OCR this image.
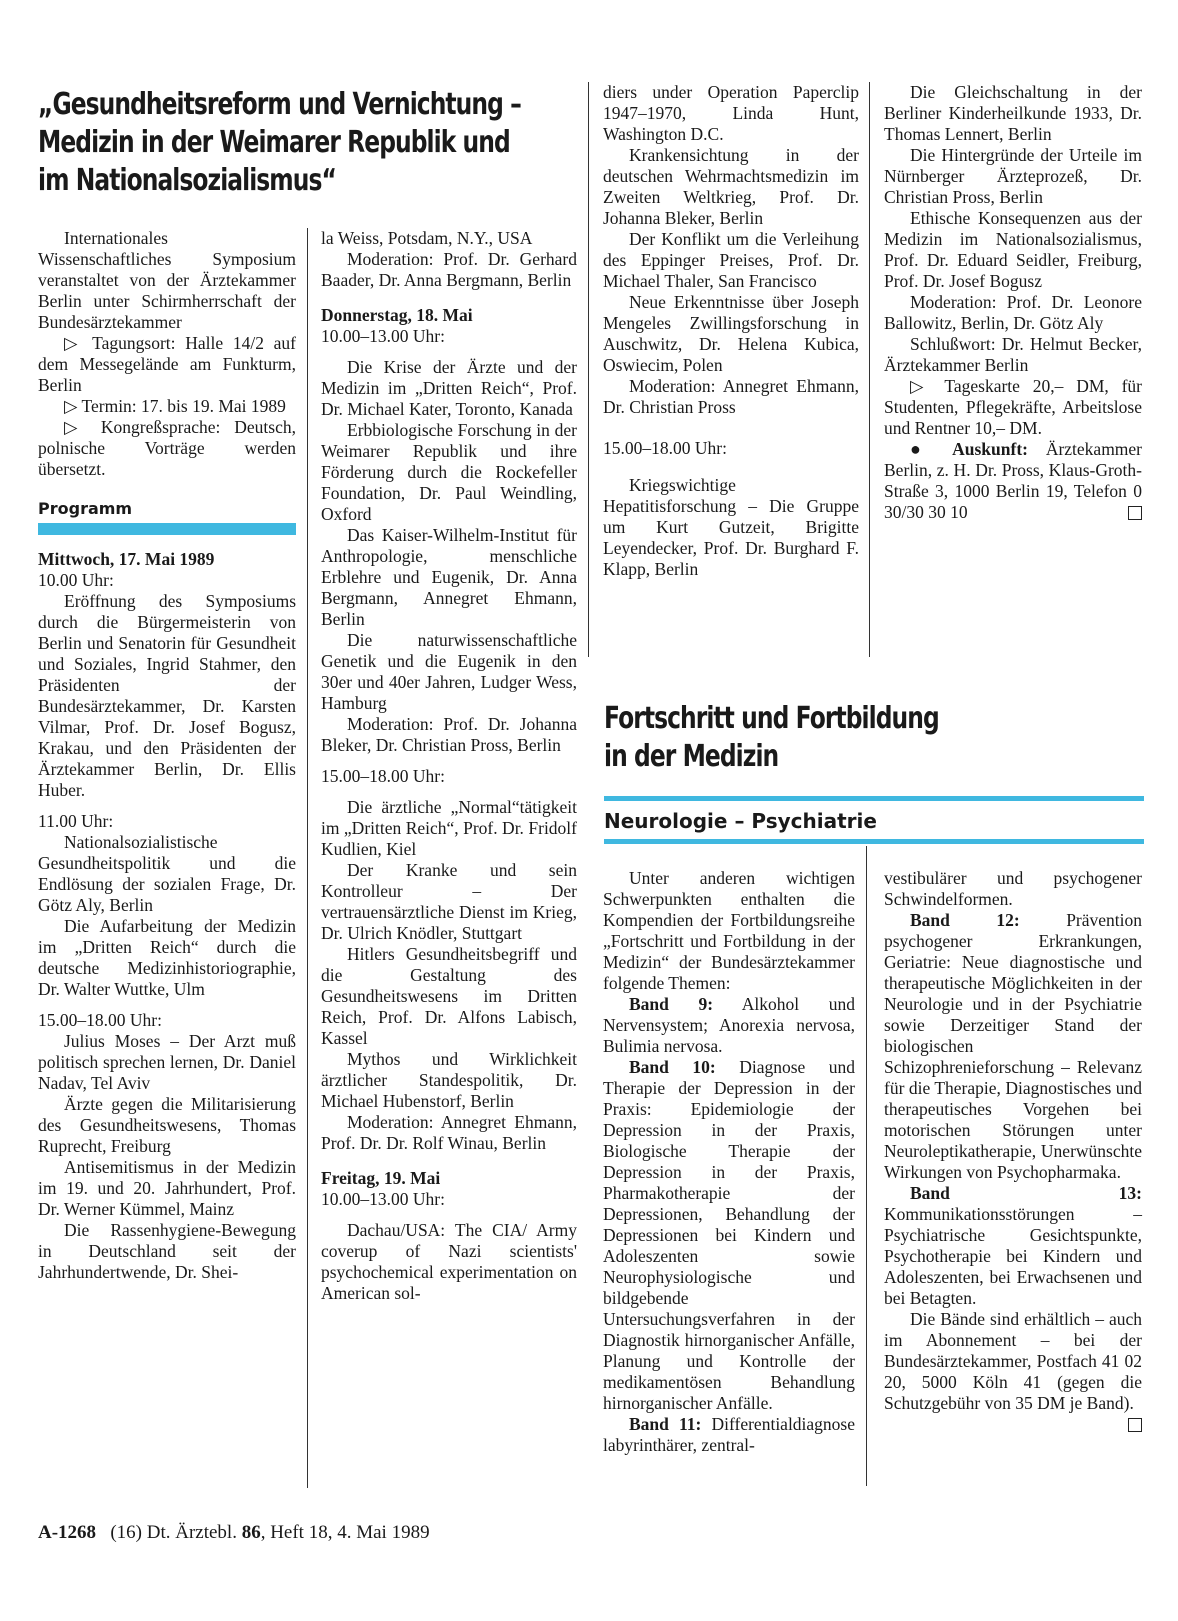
„Gesundheitsreform und Vernichtung –
Medizin in der Weimarer Republik und
im Nationalsozialismus“

Internationales Wissenschaftliches Symposium veranstaltet von der Ärztekammer Berlin unter Schirmherrschaft der Bundesärztekammer

▷ Tagungsort: Halle 14/2 auf dem Messegelände am Funkturm, Berlin

▷ Termin: 17. bis 19. Mai 1989

▷ Kongreßsprache: Deutsch, polnische Vorträge werden übersetzt.

Programm
Mittwoch, 17. Mai 1989

10.00 Uhr:

Eröffnung des Symposiums durch die Bürgermeisterin von Berlin und Senatorin für Gesundheit und Soziales, Ingrid Stahmer, den Präsidenten der Bundesärztekammer, Dr. Karsten Vilmar, Prof. Dr. Josef Bogusz, Krakau, und den Präsidenten der Ärztekammer Berlin, Dr. Ellis Huber.

11.00 Uhr:

Nationalsozialistische Gesundheitspolitik und die Endlösung der sozialen Frage, Dr. Götz Aly, Berlin

Die Aufarbeitung der Medizin im „Dritten Reich“ durch die deutsche Medizinhistoriographie, Dr. Walter Wuttke, Ulm

15.00–18.00 Uhr:

Julius Moses – Der Arzt muß politisch sprechen lernen, Dr. Daniel Nadav, Tel Aviv

Ärzte gegen die Militarisierung des Gesundheitswesens, Thomas Ruprecht, Freiburg

Antisemitismus in der Medizin im 19. und 20. Jahrhundert, Prof. Dr. Werner Kümmel, Mainz

Die Rassenhygiene-Bewegung in Deutschland seit der Jahrhundertwende, Dr. Shei-

la Weiss, Potsdam, N.Y., USA

Moderation: Prof. Dr. Gerhard Baader, Dr. Anna Bergmann, Berlin

Donnerstag, 18. Mai

10.00–13.00 Uhr:

Die Krise der Ärzte und der Medizin im „Dritten Reich“, Prof. Dr. Michael Kater, Toronto, Kanada

Erbbiologische Forschung in der Weimarer Republik und ihre Förderung durch die Rockefeller Foundation, Dr. Paul Weindling, Oxford

Das Kaiser-Wilhelm-Institut für Anthropologie, menschliche Erblehre und Eugenik, Dr. Anna Bergmann, Annegret Ehmann, Berlin

Die naturwissenschaftliche Genetik und die Eugenik in den 30er und 40er Jahren, Ludger Wess, Hamburg

Moderation: Prof. Dr. Johanna Bleker, Dr. Christian Pross, Berlin

15.00–18.00 Uhr:

Die ärztliche „Normal“tätigkeit im „Dritten Reich“, Prof. Dr. Fridolf Kudlien, Kiel

Der Kranke und sein Kontrolleur – Der vertrauensärztliche Dienst im Krieg, Dr. Ulrich Knödler, Stuttgart

Hitlers Gesundheitsbegriff und die Gestaltung des Gesundheitswesens im Dritten Reich, Prof. Dr. Alfons Labisch, Kassel

Mythos und Wirklichkeit ärztlicher Standespolitik, Dr. Michael Hubenstorf, Berlin

Moderation: Annegret Ehmann, Prof. Dr. Dr. Rolf Winau, Berlin

Freitag, 19. Mai

10.00–13.00 Uhr:

Dachau/USA: The CIA/ Army coverup of Nazi scientists' psychochemical experimentation on American sol-

diers under Operation Paperclip 1947–1970, Linda Hunt, Washington D.C.

Krankensichtung in der deutschen Wehrmachtsmedizin im Zweiten Weltkrieg, Prof. Dr. Johanna Bleker, Berlin

Der Konflikt um die Verleihung des Eppinger Preises, Prof. Dr. Michael Thaler, San Francisco

Neue Erkenntnisse über Joseph Mengeles Zwillingsforschung in Auschwitz, Dr. Helena Kubica, Oswiecim, Polen

Moderation: Annegret Ehmann, Dr. Christian Pross

15.00–18.00 Uhr:

Kriegswichtige Hepatitisforschung – Die Gruppe um Kurt Gutzeit, Brigitte Leyendecker, Prof. Dr. Burghard F. Klapp, Berlin

Die Gleichschaltung in der Berliner Kinderheilkunde 1933, Dr. Thomas Lennert, Berlin

Die Hintergründe der Urteile im Nürnberger Ärzteprozeß, Dr. Christian Pross, Berlin

Ethische Konsequenzen aus der Medizin im Nationalsozialismus, Prof. Dr. Eduard Seidler, Freiburg, Prof. Dr. Josef Bogusz

Moderation: Prof. Dr. Leonore Ballowitz, Berlin, Dr. Götz Aly

Schlußwort: Dr. Helmut Becker, Ärztekammer Berlin

▷ Tageskarte 20,– DM, für Studenten, Pflegekräfte, Arbeitslose und Rentner 10,– DM.

● Auskunft: Ärztekammer Berlin, z. H. Dr. Pross, Klaus-Groth-Straße 3, 1000 Berlin 19, Telefon 0 30/30 30 10

Fortschritt und Fortbildung
in der Medizin
Neurologie – Psychiatrie

Unter anderen wichtigen Schwerpunkten enthalten die Kompendien der Fortbildungsreihe „Fortschritt und Fortbildung in der Medizin“ der Bundesärztekammer folgende Themen:

Band 9: Alkohol und Nervensystem; Anorexia nervosa, Bulimia nervosa.

Band 10: Diagnose und Therapie der Depression in der Praxis: Epidemiologie der Depression in der Praxis, Biologische Therapie der Depression in der Praxis, Pharmakotherapie der Depressionen, Behandlung der Depressionen bei Kindern und Adoleszenten sowie Neurophysiologische und bildgebende Untersuchungsverfahren in der Diagnostik hirnorganischer Anfälle, Planung und Kontrolle der medikamentösen Behandlung hirnorganischer Anfälle.

Band 11: Differentialdiagnose labyrinthärer, zentral-

vestibulärer und psychogener Schwindelformen.

Band 12:	Prävention psychogener Erkrankungen, Geriatrie: Neue diagnostische und therapeutische Möglichkeiten in der Neurologie und in der Psychiatrie sowie Derzeitiger Stand der biologischen Schizophrenieforschung – Relevanz für die Therapie, Diagnostisches und therapeutisches Vorgehen bei motorischen Störungen unter Neuroleptikatherapie, Unerwünschte Wirkungen von Psychopharmaka.

Band 13: Kommunikationsstörungen – Psychiatrische Gesichtspunkte, Psychotherapie bei Kindern und Adoleszenten, bei Erwachsenen und bei Betagten.

Die Bände sind erhältlich – auch im Abonnement – bei der Bundesärztekammer, Postfach 41 02 20, 5000 Köln 41 (gegen die Schutzgebühr von 35 DM je Band).

A-1268 (16) Dt. Ärztebl. 86, Heft 18, 4. Mai 1989
